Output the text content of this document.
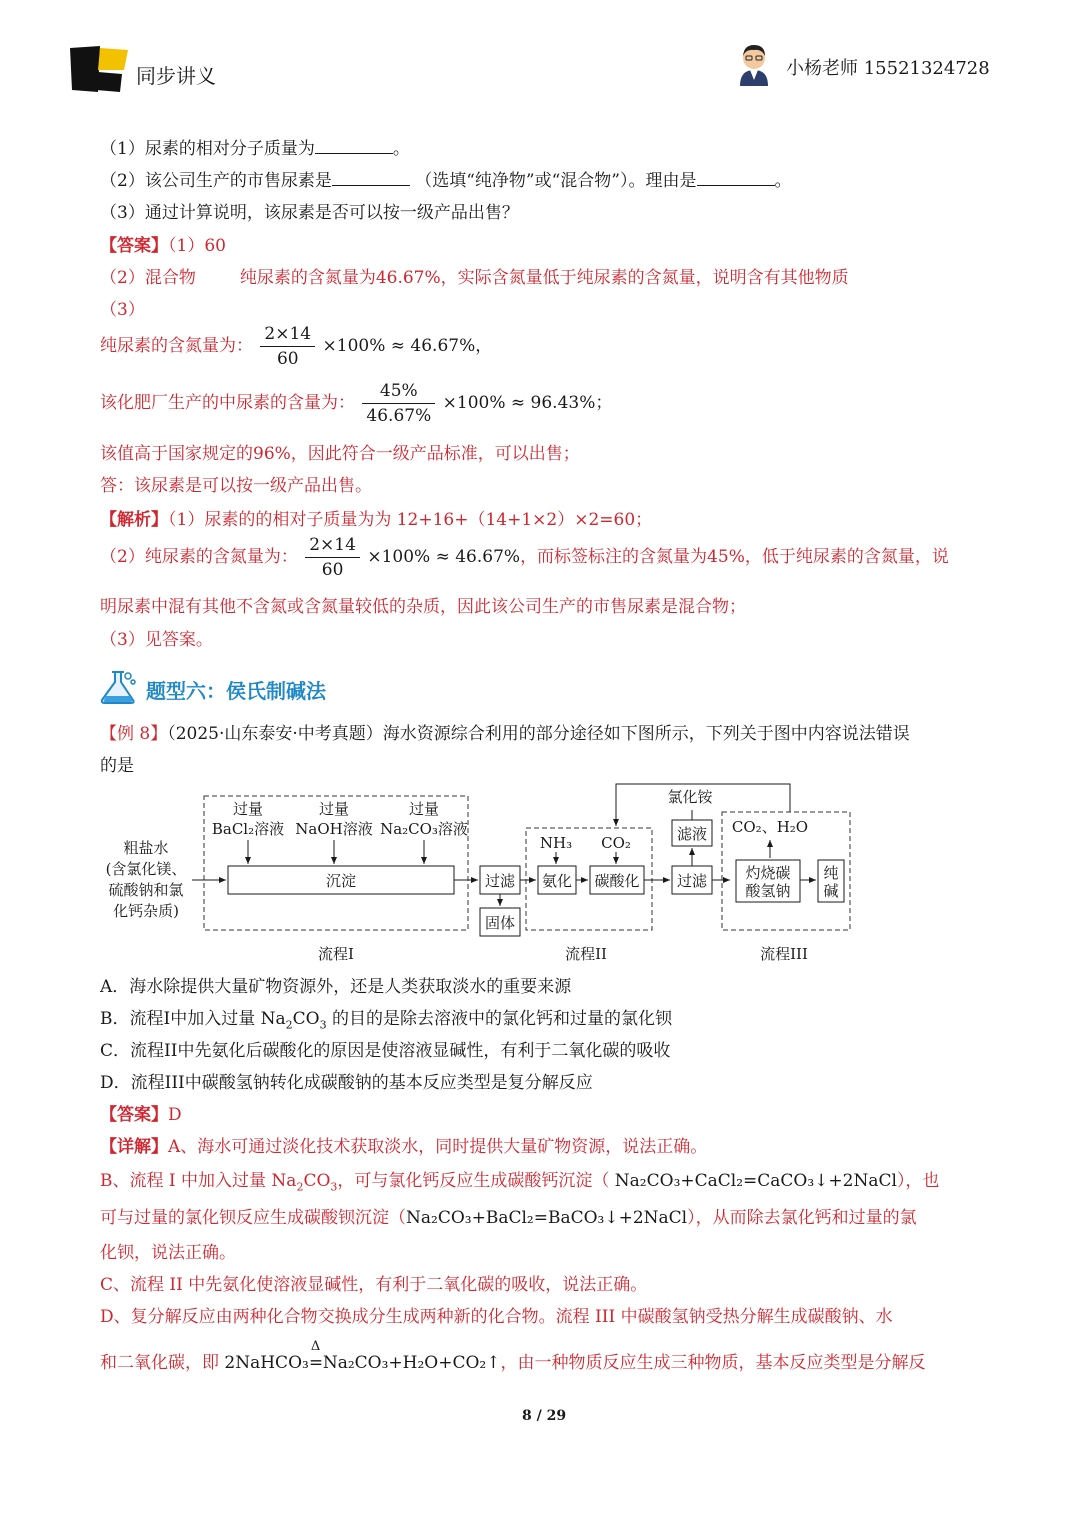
同步讲义	小杨老师 15521324728
（1）尿素的相对分子质量为	。
（2）该公司生产的市售尿素是	（选填“纯净物”或“混合物”）。理由是	。
（3）通过计算说明，该尿素是否可以按一级产品出售？
【答案】（1）60
（2）混合物	纯尿素的含氮量为46.67%，实际含氮量低于纯尿素的含氮量，说明含有其他物质
（3）
纯尿素的含氮量为： $\frac{2\times 14}{60} \times 100\% \approx 46.67\%$，
该化肥厂生产的中尿素的含量为： $\frac{45\%}{46.67\%} \times 100\% \approx 96.43\%$；
该值高于国家规定的96%，因此符合一级产品标准，可以出售；
答：该尿素是可以按一级产品出售。
【解析】（1）尿素的的相对子质量为为 12+16+（14+1×2）×2=60；
（2）纯尿素的含氮量为： $\frac{2\times 14}{60} \times 100\% \approx 46.67\%$，而标签标注的含氮量为45%，低于纯尿素的含氮量，说
明尿素中混有其他不含氮或含氮量较低的杂质，因此该公司生产的市售尿素是混合物；
（3）见答案。
题型六：侯氏制碱法
【例 8】（2025·山东泰安·中考真题）海水资源综合利用的部分途径如下图所示，下列关于图中内容说法错误
的是
粗盐水
(含氯化镁、
硫酸钠和氯
化钙杂质)
过量
BaCl₂溶液
过量
NaOH溶液
过量
Na₂CO₃溶液
沉淀
流程I
过滤
固体
NH₃ CO₂
氨化 碳酸化
流程II
过滤
滤液
氯化铵
CO₂、H₂O
灼烧碳
酸氢钠
纯
碱
流程III
A．海水除提供大量矿物资源外，还是人类获取淡水的重要来源
B．流程I中加入过量 $Na_2CO_3$ 的目的是除去溶液中的氯化钙和过量的氯化钡
C．流程II中先氨化后碳酸化的原因是使溶液显碱性，有利于二氧化碳的吸收
D．流程III中碳酸氢钠转化成碳酸钠的基本反应类型是复分解反应
【答案】D
【详解】A、海水可通过淡化技术获取淡水，同时提供大量矿物资源，说法正确。
B、流程 I 中加入过量 $Na_2CO_3$，可与氯化钙反应生成碳酸钙沉淀（ Na₂CO₃+CaCl₂=CaCO₃↓+2NaCl），也
可与过量的氯化钡反应生成碳酸钡沉淀（Na₂CO₃+BaCl₂=BaCO₃↓+2NaCl），从而除去氯化钙和过量的氯
化钡，说法正确。
C、流程 II 中先氨化使溶液显碱性，有利于二氧化碳的吸收，说法正确。
D、复分解反应由两种化合物交换成分生成两种新的化合物。流程 III 中碳酸氢钠受热分解生成碳酸钠、水
和二氧化碳，即 2NaHCO₃=
Δ
Na₂CO₃+H₂O+CO₂↑，由一种物质反应生成三种物质，基本反应类型是分解反
8 / 29
